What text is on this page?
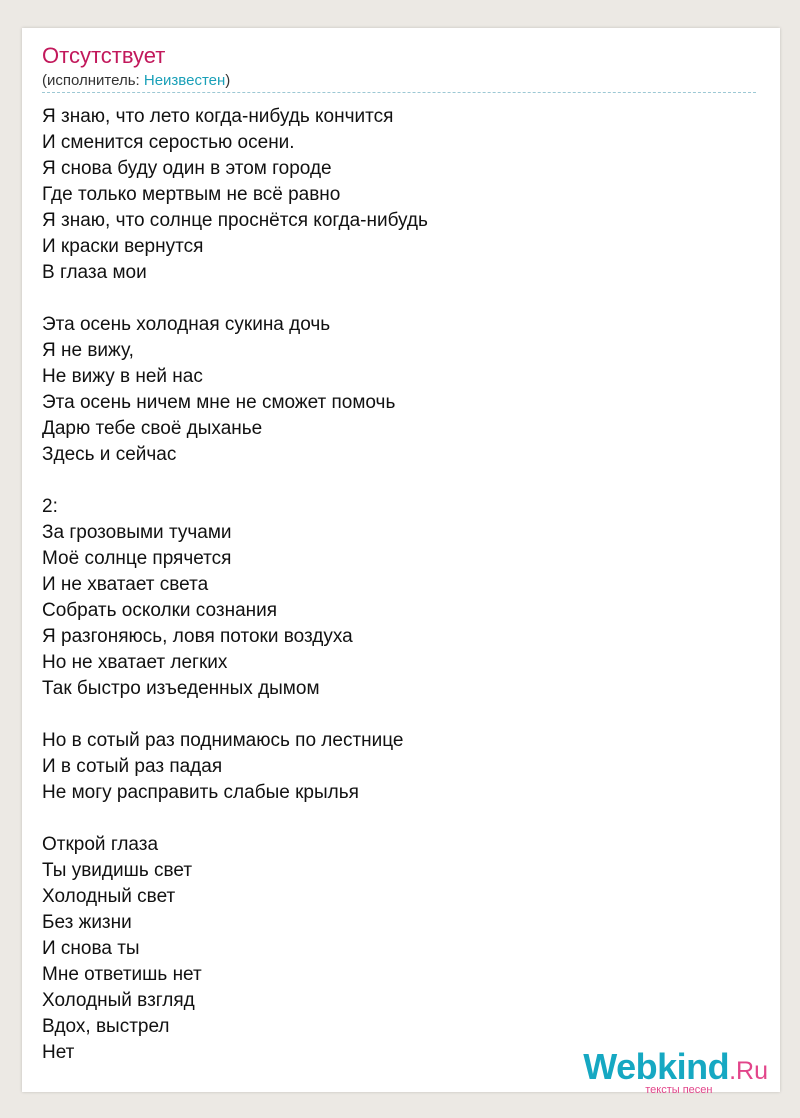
Отсутствует
(исполнитель: Неизвестен)
Я знаю, что лето когда-нибудь кончится
И сменится серостью осени.
Я снова буду один в этом городе
Где только мертвым не всё равно
Я знаю, что солнце проснётся когда-нибудь
И краски вернутся
В глаза мои
Эта осень холодная сукина дочь
Я не вижу,
Не вижу в ней нас
Эта осень ничем мне не сможет помочь
Дарю тебе своё дыханье
Здесь и сейчас
2:
За грозовыми тучами
Моё солнце прячется
И не хватает света
Собрать осколки сознания
Я разгоняюсь, ловя потоки воздуха
Но не хватает легких
Так быстро изъеденных дымом
Но в сотый раз поднимаюсь по лестнице
И в сотый раз падая
Не могу расправить слабые крылья
Открой глаза
Ты увидишь свет
Холодный свет
Без жизни
И снова ты
Мне ответишь нет
Холодный взгляд
Вдох, выстрел
Нет	Webkind.Ru
тексты песен
